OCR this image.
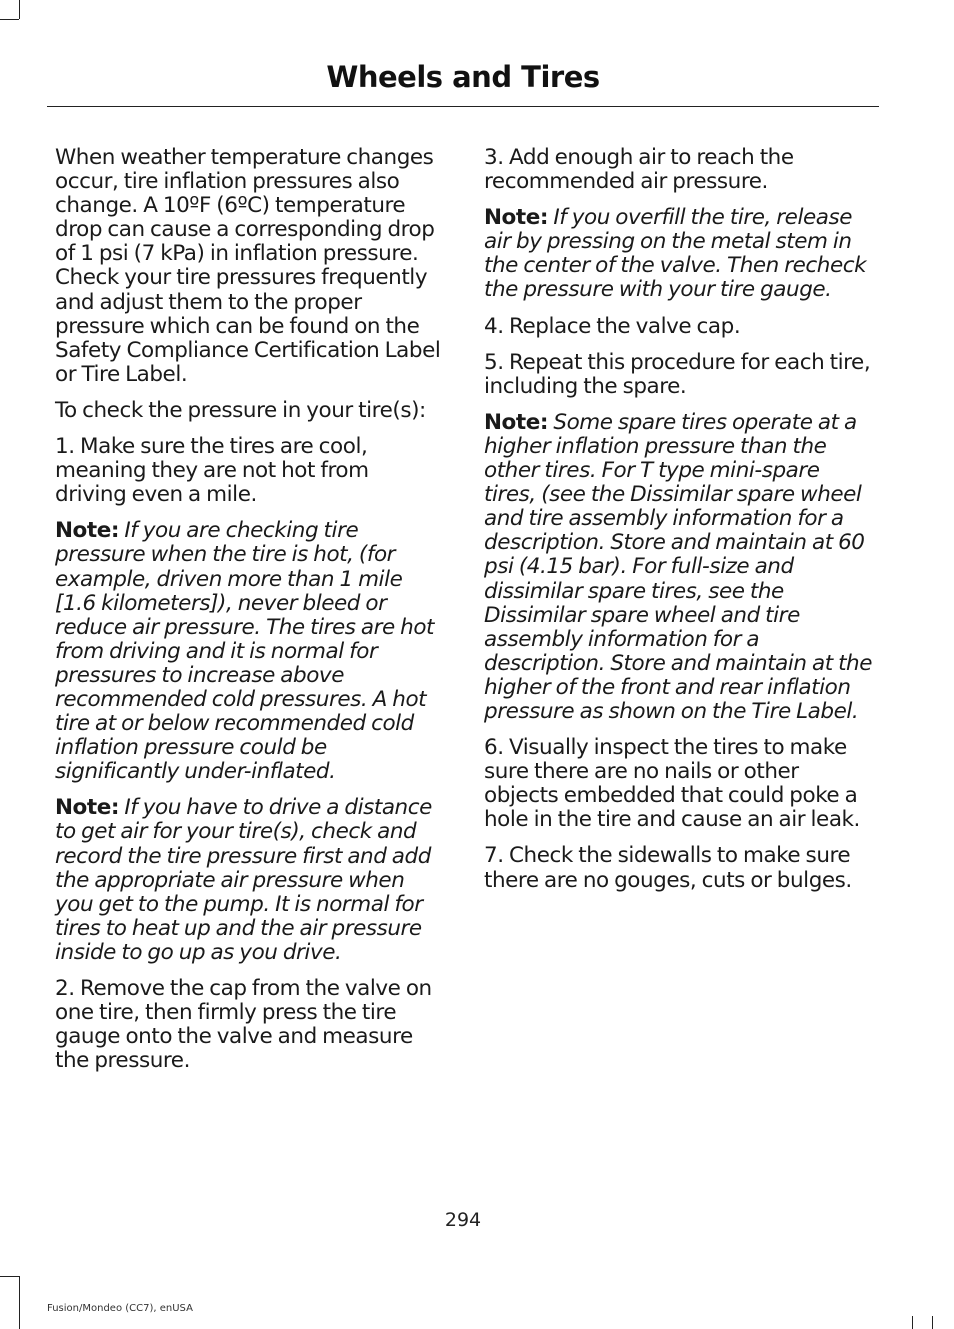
Wheels and Tires

When weather temperature changes occur, tire inflation pressures also change. A 10ºF (6ºC) temperature drop can cause a corresponding drop of 1 psi (7 kPa) in inflation pressure. Check your tire pressures frequently and adjust them to the proper pressure which can be found on the Safety Compliance Certification Label or Tire Label.

To check the pressure in your tire(s):

1. Make sure the tires are cool, meaning they are not hot from driving even a mile.

Note: If you are checking tire pressure when the tire is hot, (for example, driven more than 1 mile [1.6 kilometers]), never bleed or reduce air pressure. The tires are hot from driving and it is normal for pressures to increase above recommended cold pressures. A hot tire at or below recommended cold inflation pressure could be significantly under-inflated.

Note: If you have to drive a distance to get air for your tire(s), check and record the tire pressure first and add the appropriate air pressure when you get to the pump. It is normal for tires to heat up and the air pressure inside to go up as you drive.

2. Remove the cap from the valve on one tire, then firmly press the tire gauge onto the valve and measure the pressure.

3. Add enough air to reach the recommended air pressure.

Note: If you overfill the tire, release air by pressing on the metal stem in the center of the valve. Then recheck the pressure with your tire gauge.

4. Replace the valve cap.

5. Repeat this procedure for each tire, including the spare.

Note: Some spare tires operate at a higher inflation pressure than the other tires. For T type mini-spare tires, (see the Dissimilar spare wheel and tire assembly information for a description. Store and maintain at 60 psi (4.15 bar). For full-size and dissimilar spare tires, see the Dissimilar spare wheel and tire assembly information for a description. Store and maintain at the higher of the front and rear inflation pressure as shown on the Tire Label.

6. Visually inspect the tires to make sure there are no nails or other objects embedded that could poke a hole in the tire and cause an air leak.

7. Check the sidewalls to make sure there are no gouges, cuts or bulges.

294
Fusion/Mondeo (CC7), enUSA
